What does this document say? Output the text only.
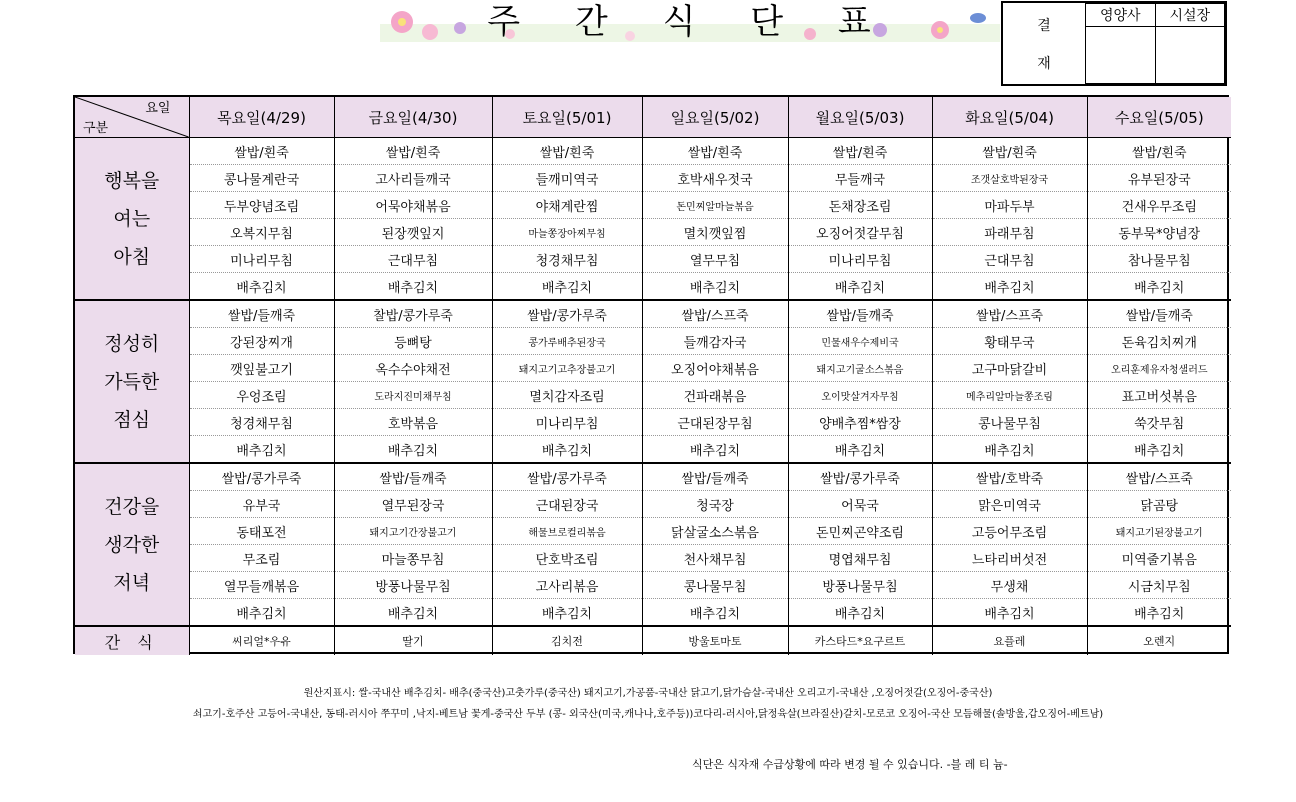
주 간 식 단 표	결
재	영양사	시설장

요일
구분	목요일(4/29)	금요일(4/30)	토요일(5/01)	일요일(5/02)	월요일(5/03)	화요일(5/04)	수요일(5/05)

행복을
여는
아침	쌀밥/흰죽	쌀밥/흰죽	쌀밥/흰죽	쌀밥/흰죽	쌀밥/흰죽	쌀밥/흰죽	쌀밥/흰죽
	콩나물계란국	고사리들깨국	들깨미역국	호박새우젓국	무들깨국	조갯살호박된장국	유부된장국
	두부양념조림	어묵야채볶음	야채계란찜	돈민찌알마늘볶음	돈채장조림	마파두부	건새우무조림
	오복지무침	된장깻잎지	마늘쫑장아찌무침	멸치깻잎찜	오징어젓갈무침	파래무침	동부묵*양념장
	미나리무침	근대무침	청경채무침	열무무침	미나리무침	근대무침	참나물무침
	배추김치	배추김치	배추김치	배추김치	배추김치	배추김치	배추김치

정성히
가득한
점심	쌀밥/들깨죽	찰밥/콩가루죽	쌀밥/콩가루죽	쌀밥/스프죽	쌀밥/들깨죽	쌀밥/스프죽	쌀밥/들깨죽
	강된장찌개	등뼈탕	콩가루배추된장국	들깨감자국	민물새우수제비국	황태무국	돈육김치찌개
	깻잎불고기	옥수수야채전	돼지고기고추장불고기	오징어야채볶음	돼지고기굴소스볶음	고구마닭갈비	오리훈제유자청샐러드
	우엉조림	도라지진미채무침	멸치감자조림	건파래볶음	오이맛살겨자무침	메추리알마늘쫑조림	표고버섯볶음
	청경채무침	호박볶음	미나리무침	근대된장무침	양배추찜*쌈장	콩나물무침	쑥갓무침
	배추김치	배추김치	배추김치	배추김치	배추김치	배추김치	배추김치

건강을
생각한
저녁	쌀밥/콩가루죽	쌀밥/들깨죽	쌀밥/콩가루죽	쌀밥/들깨죽	쌀밥/콩가루죽	쌀밥/호박죽	쌀밥/스프죽
	유부국	열무된장국	근대된장국	청국장	어묵국	맑은미역국	닭곰탕
	동태포전	돼지고기간장불고기	해물브로컬리볶음	닭살굴소스볶음	돈민찌곤약조림	고등어무조림	돼지고기된장불고기
	무조림	마늘쫑무침	단호박조림	천사채무침	명엽채무침	느타리버섯전	미역줄기볶음
	열무들깨볶음	방풍나물무침	고사리볶음	콩나물무침	방풍나물무침	무생채	시금치무침
	배추김치	배추김치	배추김치	배추김치	배추김치	배추김치	배추김치
간 식	씨리얼*우유	딸기	김치전	방울토마토	카스타드*요구르트	요플레	오렌지
원산지표시: 쌀-국내산 배추김치- 배추(중국산)고춧가루(중국산) 돼지고기,가공품-국내산 닭고기,닭가슴살-국내산 오리고기-국내산 ,오징어젓갈(오징어-중국산)
쇠고기-호주산 고등어-국내산, 동태-러시아 쭈꾸미 ,낙지-베트남 꽃게-중국산 두부 (콩- 외국산(미국,캐나나,호주등))코다리-러시아,닭정육살(브라질산)갈치-모로코 오징어-국산 모듬해물(솔방울,갑오징어-베트남)
식단은 식자재 수급상황에 따라 변경 될 수 있습니다. -블 레 티 늄-
